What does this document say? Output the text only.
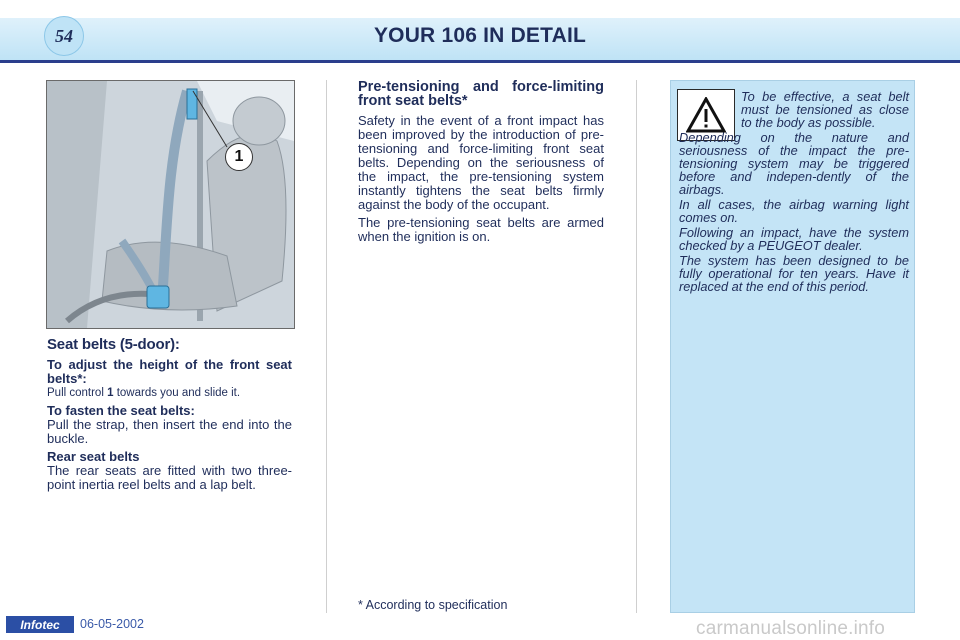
54	YOUR 106 IN DETAIL
1
Seat belts (5-door):

To adjust the height of the front seat belts*:

Pull control 1 towards you and slide it.

To fasten the seat belts:

Pull the strap, then insert the end into the buckle.

Rear seat belts

The rear seats are fitted with two three-point inertia reel belts and a lap belt.

Pre-tensioning and force-limiting front seat belts*

Safety in the event of a front impact has been improved by the introduction of pre-tensioning and force-limiting front seat belts. Depending on the seriousness of the impact, the pre-tensioning system instantly tightens the seat belts firmly against the body of the occupant.

The pre-tensioning seat belts are armed when the ignition is on.

* According to specification

To be effective, a seat belt must be tensioned as close to the body as possible.

Depending on the nature and seriousness of the impact the pre-tensioning system may be triggered before and indepen-dently of the airbags.

In all cases, the airbag warning light comes on.

Following an impact, have the system checked by a PEUGEOT dealer.

The system has been designed to be fully operational for ten years. Have it replaced at the end of this period.

Infotec	06-05-2002	carmanualsonline.info
